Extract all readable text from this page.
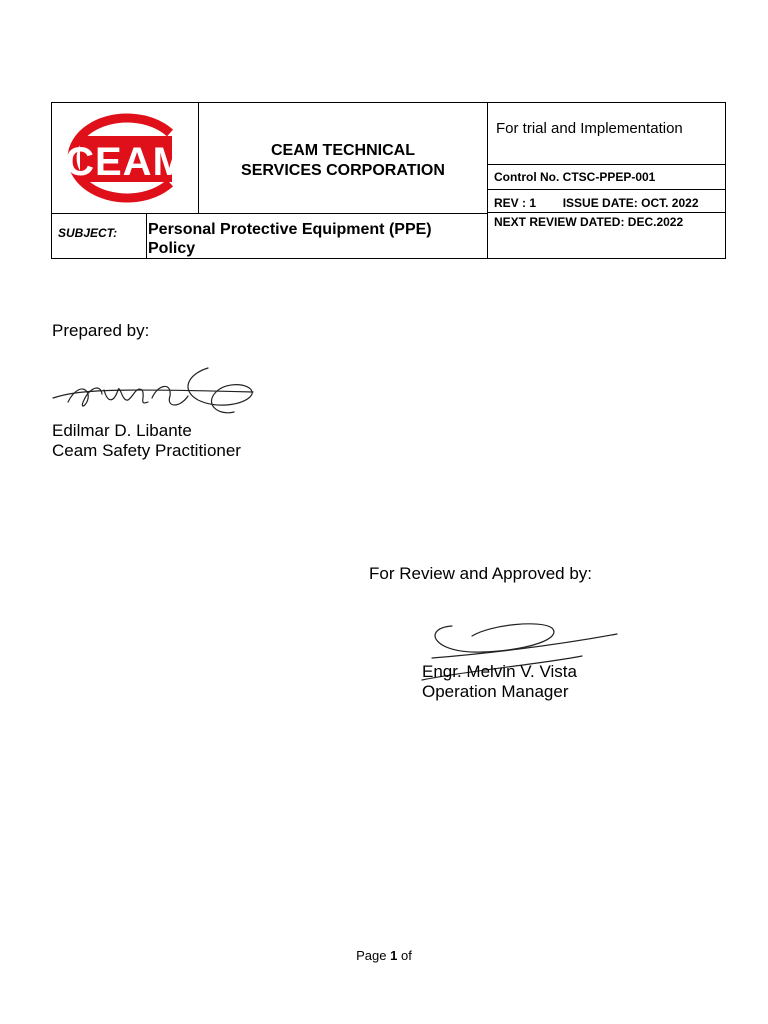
CEAM	CEAM TECHNICAL
SERVICES CORPORATION
For trial and Implementation
Control No. CTSC-PPEP-001
REV : 1 ISSUE DATE: OCT. 2022
NEXT REVIEW DATED: DEC.2022
SUBJECT: Personal Protective Equipment (PPE)
Policy
Prepared by:
Edilmar D. Libante
Ceam Safety Practitioner
For Review and Approved by:
Engr. Melvin V. Vista
Operation Manager
Page 1 of
